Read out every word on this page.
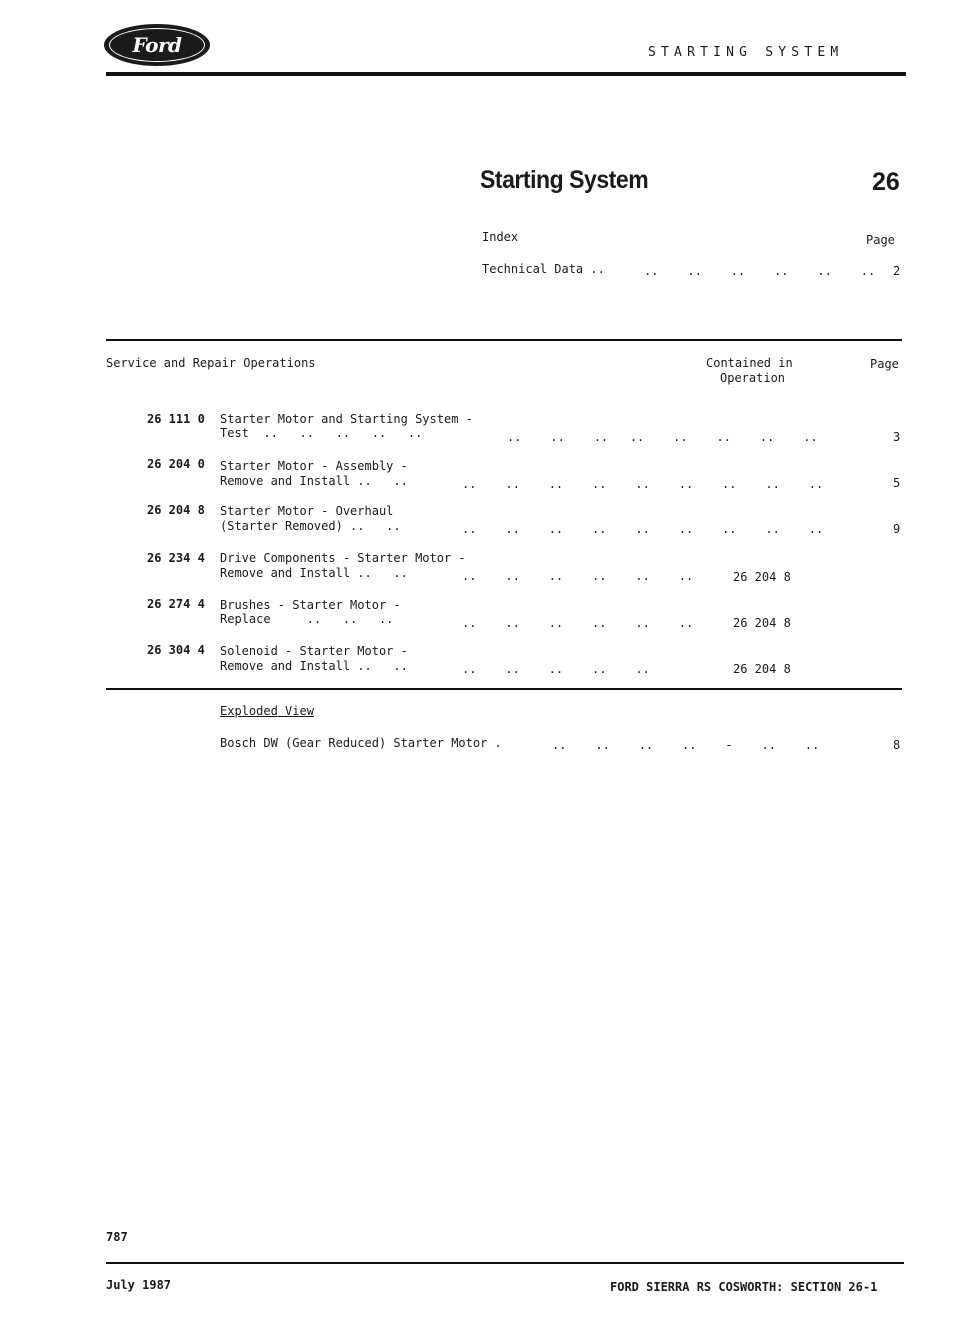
Ford	STARTING SYSTEM
Starting System	26
Index	Page
Technical Data ..	..    ..    ..    ..    ..    .. 2
Service and Repair Operations	Contained in
Operation
Page
26 111 0 Starter Motor and Starting System -
Test  ..   ..   ..   ..   ..	..    ..    ..   ..    ..    ..    ..    ..	3
26 204 0 Starter Motor - Assembly -
Remove and Install ..   ..	..    ..    ..    ..    ..    ..    ..    ..    ..	5
26 204 8 Starter Motor - Overhaul
(Starter Removed) ..   ..	..    ..    ..    ..    ..    ..    ..    ..    ..	9
26 234 4 Drive Components - Starter Motor -
Remove and Install ..   ..	..    ..    ..    ..    ..    ..	26 204 8
26 274 4 Brushes - Starter Motor -
Replace     ..   ..   ..	..    ..    ..    ..    ..    ..	26 204 8
26 304 4 Solenoid - Starter Motor -
Remove and Install ..   ..	..    ..    ..    ..    ..	26 204 8
Exploded View
Bosch DW (Gear Reduced) Starter Motor .	..    ..    ..    ..    -    ..    ..	8
787
July 1987	FORD SIERRA RS COSWORTH: SECTION 26-1
